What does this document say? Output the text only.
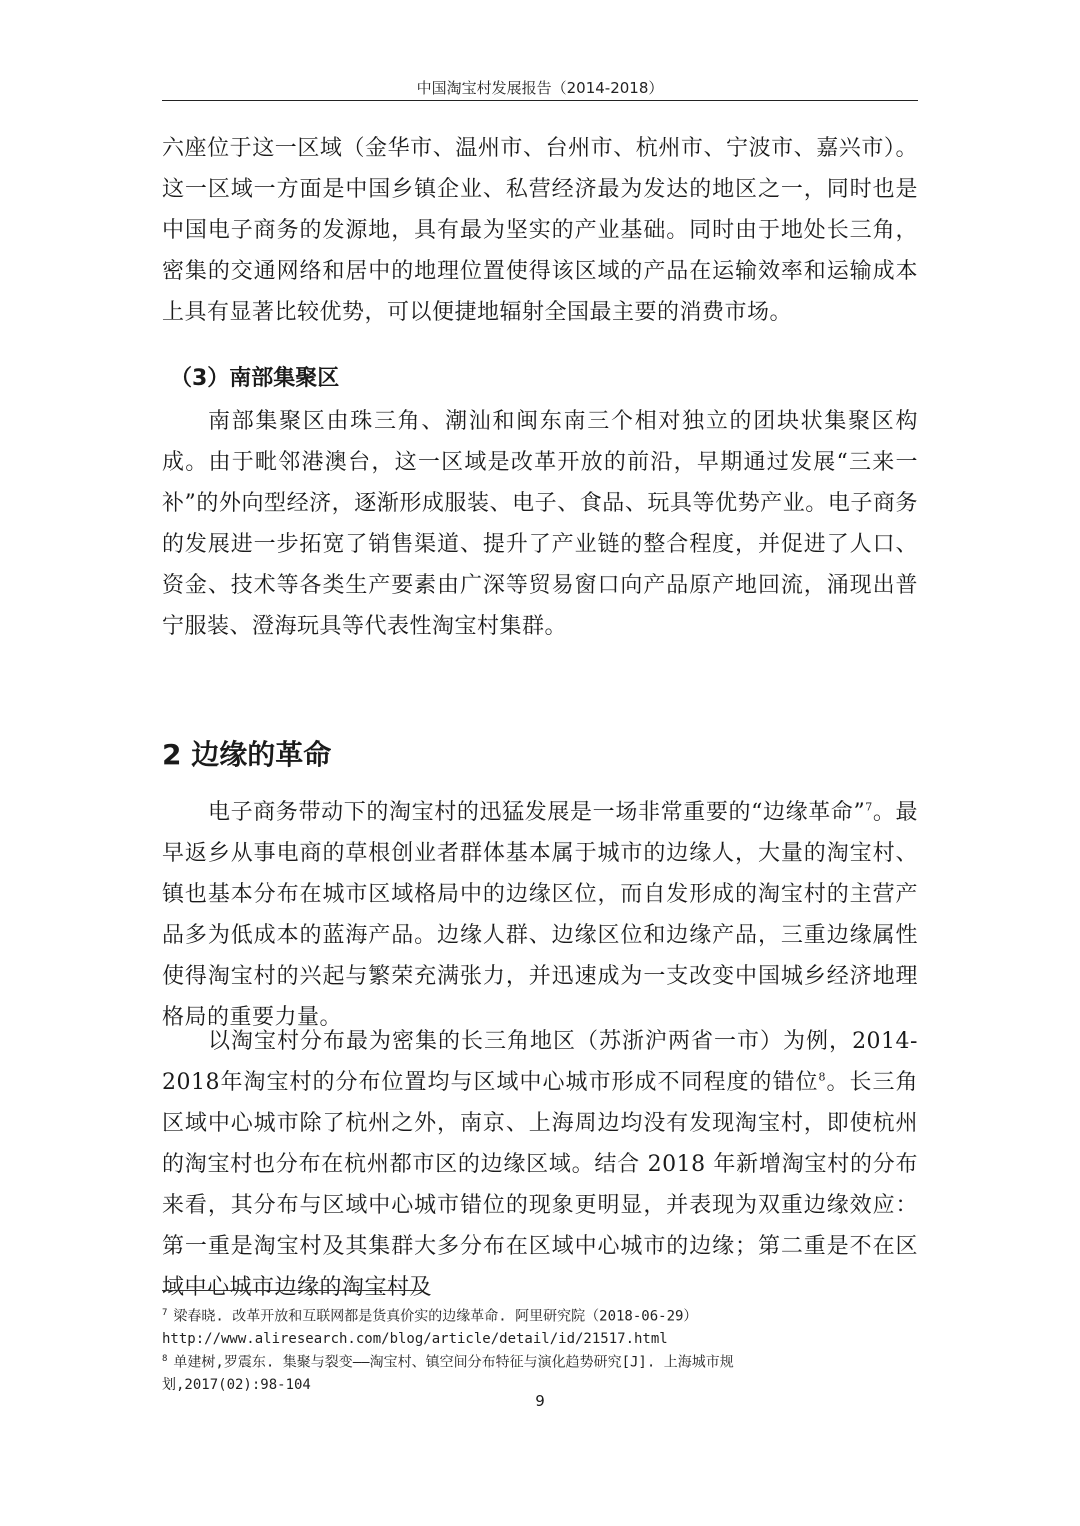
中国淘宝村发展报告（2014-2018）

六座位于这一区域（金华市、温州市、台州市、杭州市、宁波市、嘉兴市）。这一区域一方面是中国乡镇企业、私营经济最为发达的地区之一，同时也是中国电子商务的发源地，具有最为坚实的产业基础。同时由于地处长三角，密集的交通网络和居中的地理位置使得该区域的产品在运输效率和运输成本上具有显著比较优势，可以便捷地辐射全国最主要的消费市场。

（3）南部集聚区

南部集聚区由珠三角、潮汕和闽东南三个相对独立的团块状集聚区构成。由于毗邻港澳台，这一区域是改革开放的前沿，早期通过发展“三来一补”的外向型经济，逐渐形成服装、电子、食品、玩具等优势产业。电子商务的发展进一步拓宽了销售渠道、提升了产业链的整合程度，并促进了人口、资金、技术等各类生产要素由广深等贸易窗口向产品原产地回流，涌现出普宁服装、澄海玩具等代表性淘宝村集群。

2 边缘的革命

电子商务带动下的淘宝村的迅猛发展是一场非常重要的“边缘革命”$^7$。最早返乡从事电商的草根创业者群体基本属于城市的边缘人，大量的淘宝村、镇也基本分布在城市区域格局中的边缘区位，而自发形成的淘宝村的主营产品多为低成本的蓝海产品。边缘人群、边缘区位和边缘产品，三重边缘属性使得淘宝村的兴起与繁荣充满张力，并迅速成为一支改变中国城乡经济地理格局的重要力量。

以淘宝村分布最为密集的长三角地区（苏浙沪两省一市）为例，2014-2018年淘宝村的分布位置均与区域中心城市形成不同程度的错位$^8$。长三角区域中心城市除了杭州之外，南京、上海周边均没有发现淘宝村，即使杭州的淘宝村也分布在杭州都市区的边缘区域。结合 2018 年新增淘宝村的分布来看，其分布与区域中心城市错位的现象更明显，并表现为双重边缘效应：第一重是淘宝村及其集群大多分布在区域中心城市的边缘；第二重是不在区域中心城市边缘的淘宝村及

$^7$ 梁春晓. 改革开放和互联网都是货真价实的边缘革命. 阿里研究院（2018-06-29）
http://www.aliresearch.com/blog/article/detail/id/21517.html
$^8$ 单建树,罗震东. 集聚与裂变——淘宝村、镇空间分布特征与演化趋势研究[J]. 上海城市规
划,2017(02):98-104
9
